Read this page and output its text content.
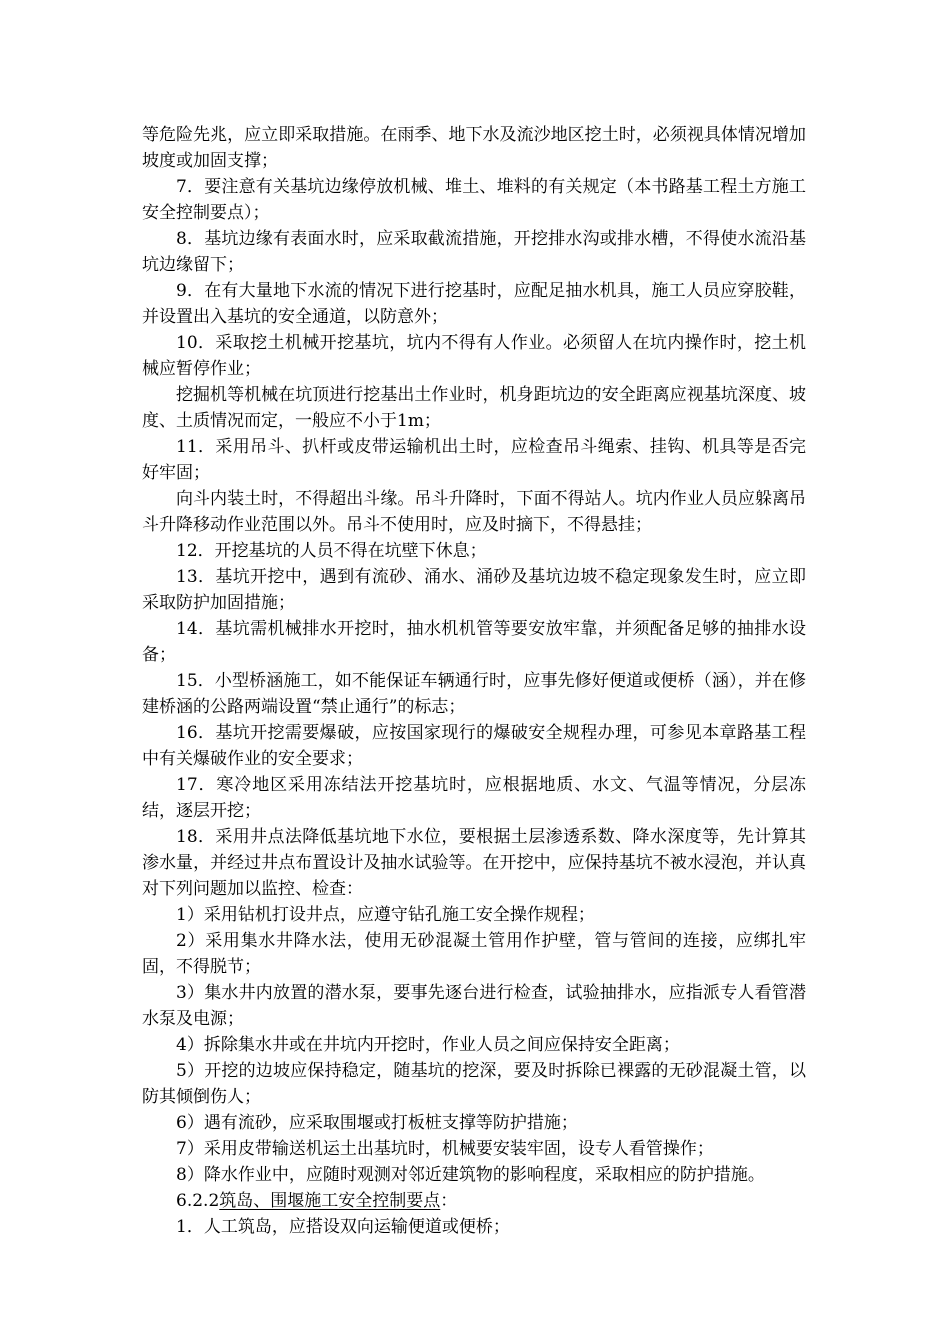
等危险先兆，应立即采取措施。在雨季、地下水及流沙地区挖土时，必须视具体情况增加坡度或加固支撑；

7．要注意有关基坑边缘停放机械、堆土、堆料的有关规定（本书路基工程土方施工安全控制要点）；

8．基坑边缘有表面水时，应采取截流措施，开挖排水沟或排水槽，不得使水流沿基坑边缘留下；

9．在有大量地下水流的情况下进行挖基时，应配足抽水机具，施工人员应穿胶鞋，并设置出入基坑的安全通道，以防意外；

10．采取挖土机械开挖基坑，坑内不得有人作业。必须留人在坑内操作时，挖土机械应暂停作业；

挖掘机等机械在坑顶进行挖基出土作业时，机身距坑边的安全距离应视基坑深度、坡度、土质情况而定，一般应不小于1m；

11．采用吊斗、扒杆或皮带运输机出土时，应检查吊斗绳索、挂钩、机具等是否完好牢固；

向斗内装土时，不得超出斗缘。吊斗升降时，下面不得站人。坑内作业人员应躲离吊斗升降移动作业范围以外。吊斗不使用时，应及时摘下，不得悬挂；

12．开挖基坑的人员不得在坑壁下休息；

13．基坑开挖中，遇到有流砂、涌水、涌砂及基坑边坡不稳定现象发生时，应立即采取防护加固措施；

14．基坑需机械排水开挖时，抽水机机管等要安放牢靠，并须配备足够的抽排水设备；

15．小型桥涵施工，如不能保证车辆通行时，应事先修好便道或便桥（涵），并在修建桥涵的公路两端设置“禁止通行”的标志；

16．基坑开挖需要爆破，应按国家现行的爆破安全规程办理，可参见本章路基工程中有关爆破作业的安全要求；

17．寒冷地区采用冻结法开挖基坑时，应根据地质、水文、气温等情况，分层冻结，逐层开挖；

18．采用井点法降低基坑地下水位，要根据土层渗透系数、降水深度等，先计算其渗水量，并经过井点布置设计及抽水试验等。在开挖中，应保持基坑不被水浸泡，并认真对下列问题加以监控、检查：

1）采用钻机打设井点，应遵守钻孔施工安全操作规程；

2）采用集水井降水法，使用无砂混凝土管用作护壁，管与管间的连接，应绑扎牢固，不得脱节；

3）集水井内放置的潜水泵，要事先逐台进行检查，试验抽排水，应指派专人看管潜水泵及电源；

4）拆除集水井或在井坑内开挖时，作业人员之间应保持安全距离；

5）开挖的边坡应保持稳定，随基坑的挖深，要及时拆除已裸露的无砂混凝土管，以防其倾倒伤人；

6）遇有流砂，应采取围堰或打板桩支撑等防护措施；

7）采用皮带输送机运土出基坑时，机械要安装牢固，设专人看管操作；

8）降水作业中，应随时观测对邻近建筑物的影响程度，采取相应的防护措施。

6.2.2筑岛、围堰施工安全控制要点：

1．人工筑岛，应搭设双向运输便道或便桥；
